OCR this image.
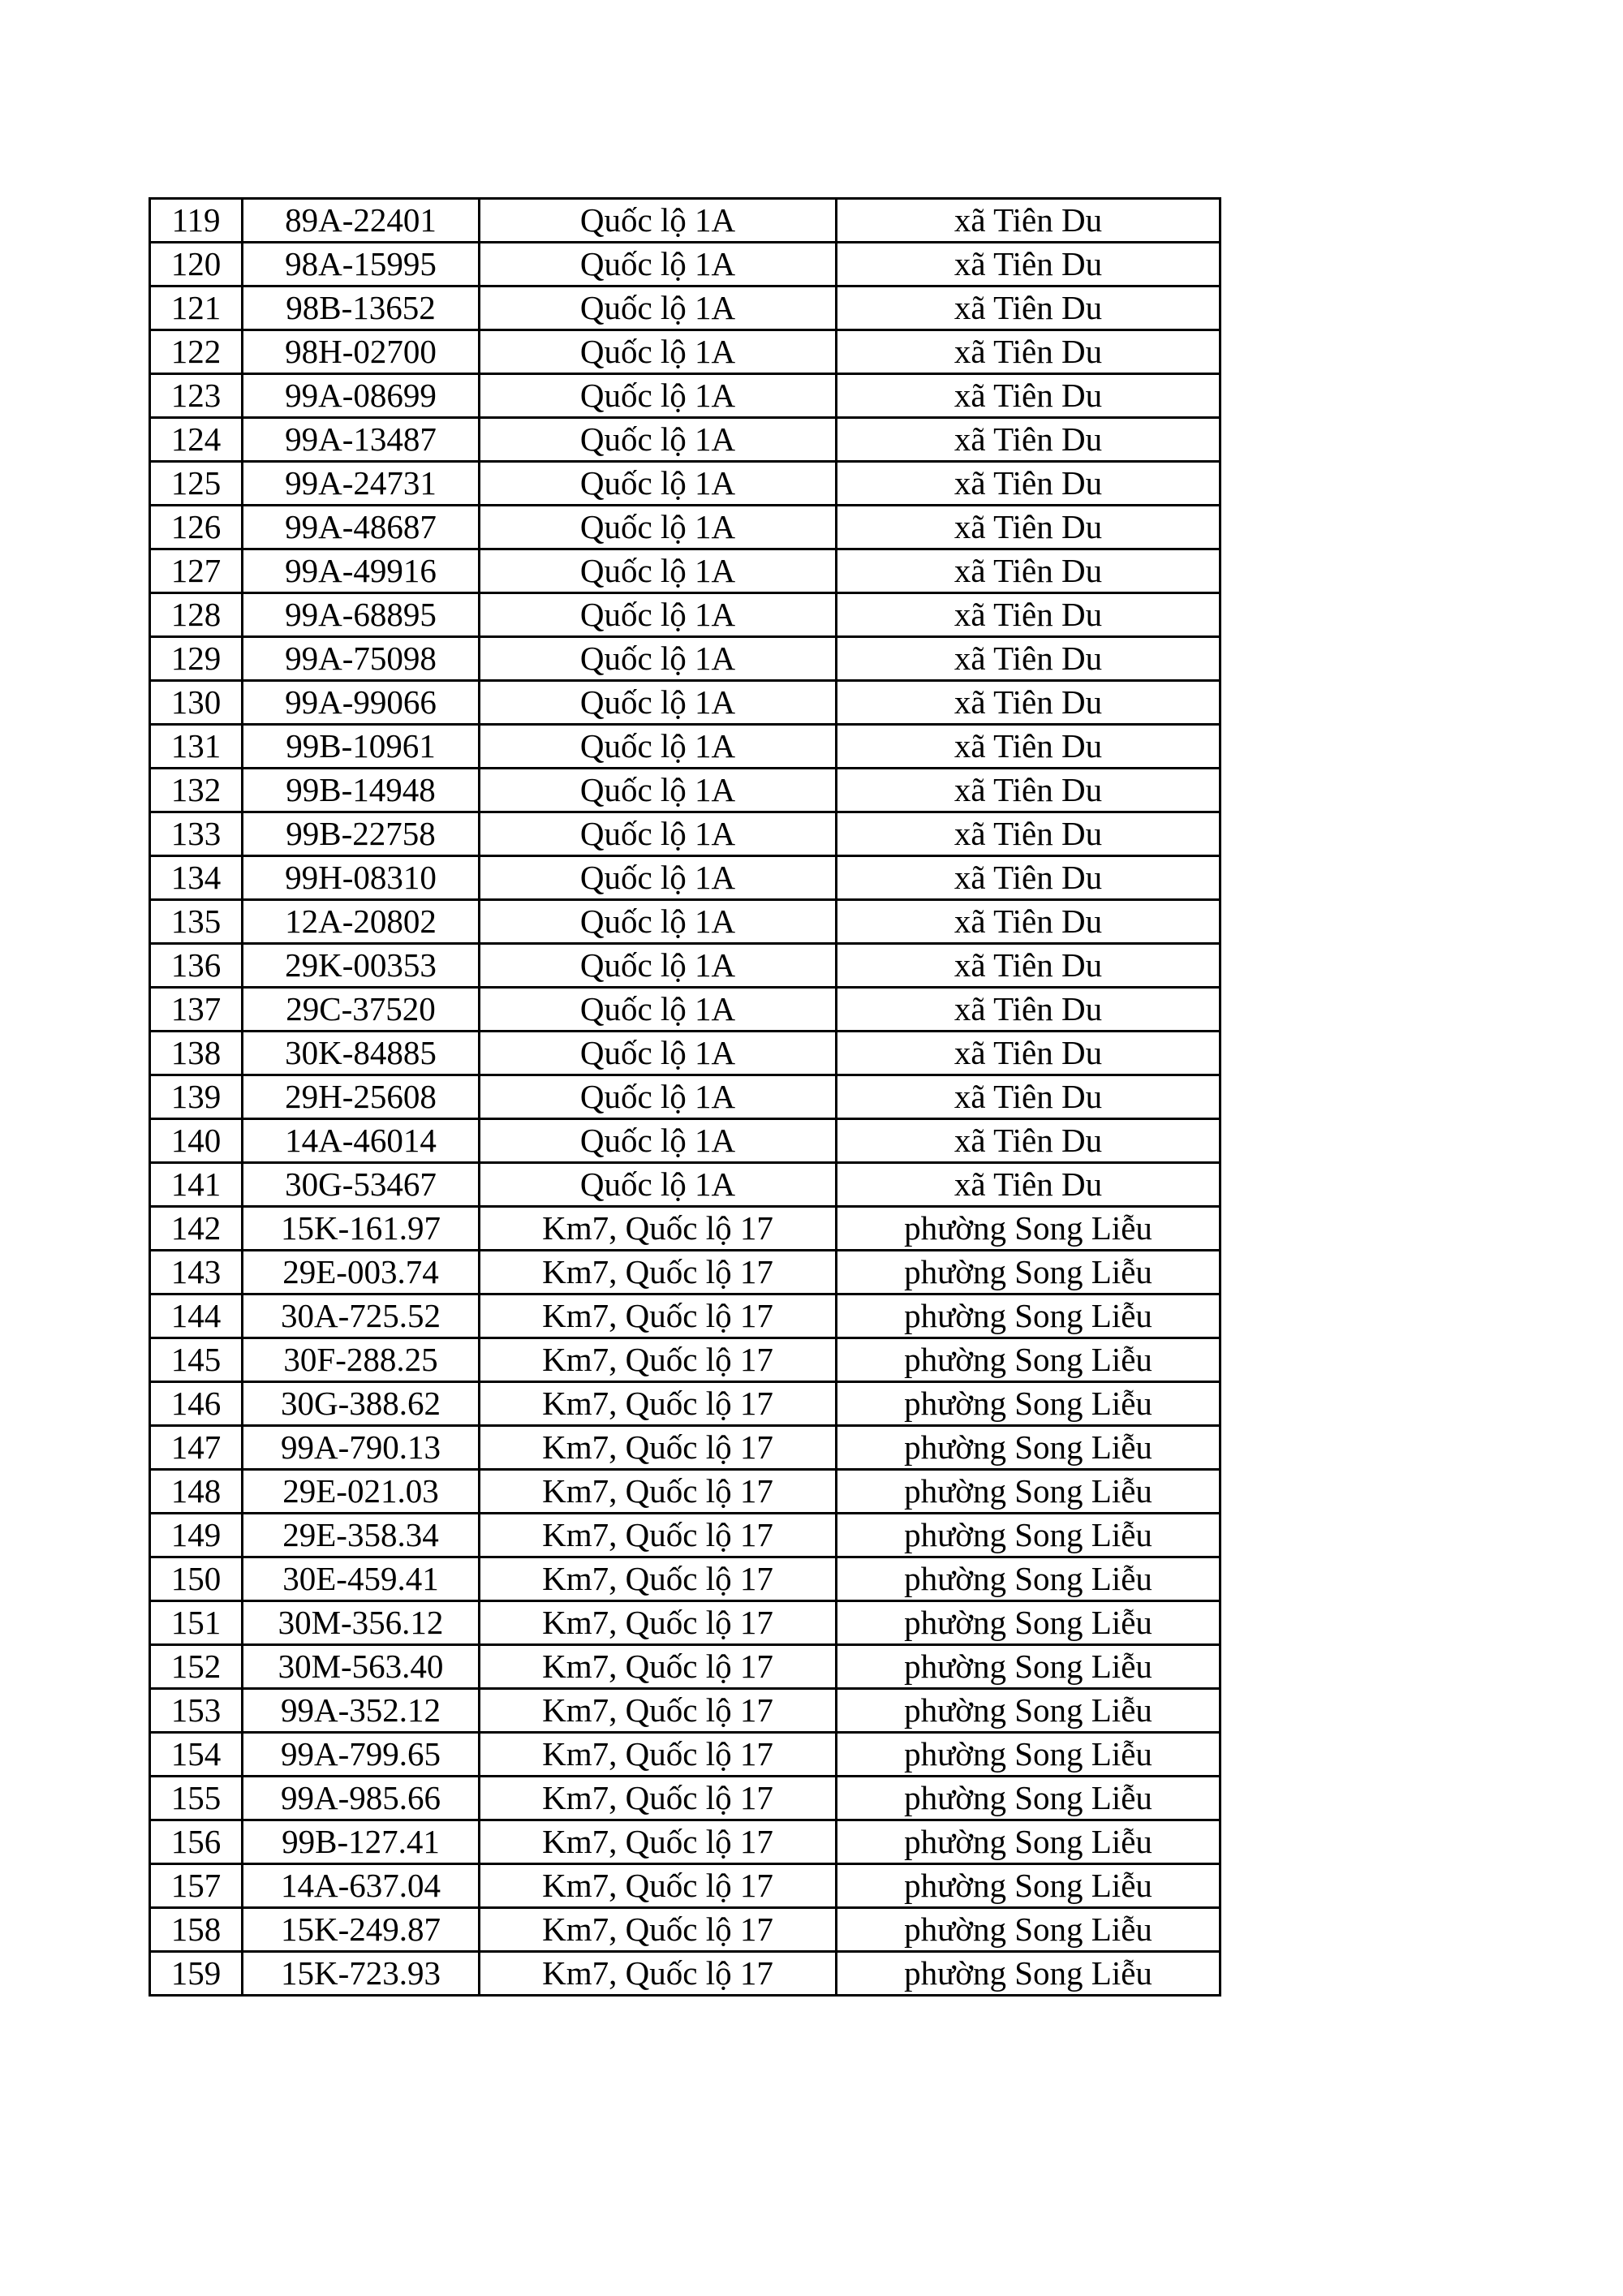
119	89A-22401	Quốc lộ 1A	xã Tiên Du
120	98A-15995	Quốc lộ 1A	xã Tiên Du
121	98B-13652	Quốc lộ 1A	xã Tiên Du
122	98H-02700	Quốc lộ 1A	xã Tiên Du
123	99A-08699	Quốc lộ 1A	xã Tiên Du
124	99A-13487	Quốc lộ 1A	xã Tiên Du
125	99A-24731	Quốc lộ 1A	xã Tiên Du
126	99A-48687	Quốc lộ 1A	xã Tiên Du
127	99A-49916	Quốc lộ 1A	xã Tiên Du
128	99A-68895	Quốc lộ 1A	xã Tiên Du
129	99A-75098	Quốc lộ 1A	xã Tiên Du
130	99A-99066	Quốc lộ 1A	xã Tiên Du
131	99B-10961	Quốc lộ 1A	xã Tiên Du
132	99B-14948	Quốc lộ 1A	xã Tiên Du
133	99B-22758	Quốc lộ 1A	xã Tiên Du
134	99H-08310	Quốc lộ 1A	xã Tiên Du
135	12A-20802	Quốc lộ 1A	xã Tiên Du
136	29K-00353	Quốc lộ 1A	xã Tiên Du
137	29C-37520	Quốc lộ 1A	xã Tiên Du
138	30K-84885	Quốc lộ 1A	xã Tiên Du
139	29H-25608	Quốc lộ 1A	xã Tiên Du
140	14A-46014	Quốc lộ 1A	xã Tiên Du
141	30G-53467	Quốc lộ 1A	xã Tiên Du
142	15K-161.97	Km7, Quốc lộ 17	phường Song Liễu
143	29E-003.74	Km7, Quốc lộ 17	phường Song Liễu
144	30A-725.52	Km7, Quốc lộ 17	phường Song Liễu
145	30F-288.25	Km7, Quốc lộ 17	phường Song Liễu
146	30G-388.62	Km7, Quốc lộ 17	phường Song Liễu
147	99A-790.13	Km7, Quốc lộ 17	phường Song Liễu
148	29E-021.03	Km7, Quốc lộ 17	phường Song Liễu
149	29E-358.34	Km7, Quốc lộ 17	phường Song Liễu
150	30E-459.41	Km7, Quốc lộ 17	phường Song Liễu
151	30M-356.12	Km7, Quốc lộ 17	phường Song Liễu
152	30M-563.40	Km7, Quốc lộ 17	phường Song Liễu
153	99A-352.12	Km7, Quốc lộ 17	phường Song Liễu
154	99A-799.65	Km7, Quốc lộ 17	phường Song Liễu
155	99A-985.66	Km7, Quốc lộ 17	phường Song Liễu
156	99B-127.41	Km7, Quốc lộ 17	phường Song Liễu
157	14A-637.04	Km7, Quốc lộ 17	phường Song Liễu
158	15K-249.87	Km7, Quốc lộ 17	phường Song Liễu
159	15K-723.93	Km7, Quốc lộ 17	phường Song Liễu
